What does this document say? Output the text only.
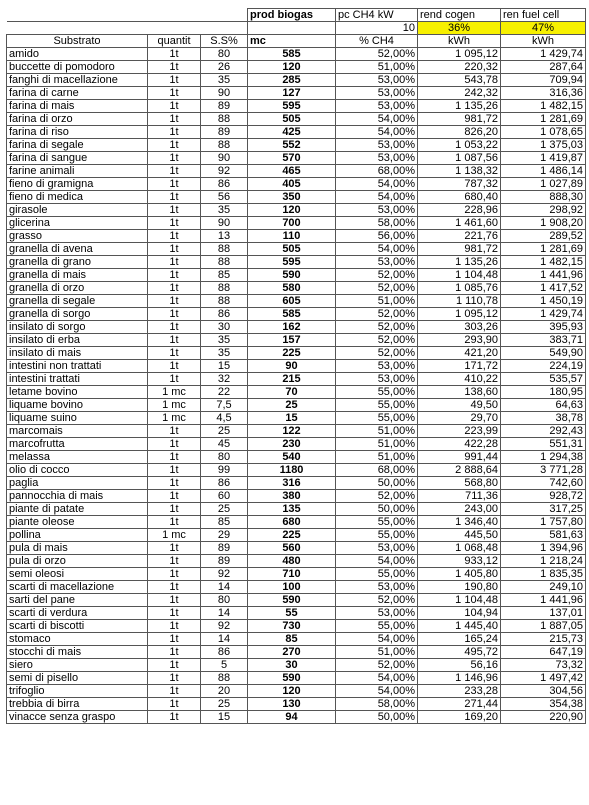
			prod biogas	pc CH4 kW	rend cogen	ren fuel cell
				10	36%	47%
Substrato	quantit	S.S%	mc	% CH4	kWh	kWh
amido	1t	80	585	52,00%	1 095,12	1 429,74
buccette di pomodoro	1t	26	120	51,00%	220,32	287,64
fanghi di macellazione	1t	35	285	53,00%	543,78	709,94
farina di carne	1t	90	127	53,00%	242,32	316,36
farina di mais	1t	89	595	53,00%	1 135,26	1 482,15
farina di orzo	1t	88	505	54,00%	981,72	1 281,69
farina di riso	1t	89	425	54,00%	826,20	1 078,65
farina di segale	1t	88	552	53,00%	1 053,22	1 375,03
farina di sangue	1t	90	570	53,00%	1 087,56	1 419,87
farine animali	1t	92	465	68,00%	1 138,32	1 486,14
fieno di gramigna	1t	86	405	54,00%	787,32	1 027,89
fieno di medica	1t	56	350	54,00%	680,40	888,30
girasole	1t	35	120	53,00%	228,96	298,92
glicerina	1t	90	700	58,00%	1 461,60	1 908,20
grasso	1t	13	110	56,00%	221,76	289,52
granella di avena	1t	88	505	54,00%	981,72	1 281,69
granella di grano	1t	88	595	53,00%	1 135,26	1 482,15
granella di mais	1t	85	590	52,00%	1 104,48	1 441,96
granella di orzo	1t	88	580	52,00%	1 085,76	1 417,52
granella di segale	1t	88	605	51,00%	1 110,78	1 450,19
granella di sorgo	1t	86	585	52,00%	1 095,12	1 429,74
insilato di sorgo	1t	30	162	52,00%	303,26	395,93
insilato di erba	1t	35	157	52,00%	293,90	383,71
insilato di mais	1t	35	225	52,00%	421,20	549,90
intestini non trattati	1t	15	90	53,00%	171,72	224,19
intestini trattati	1t	32	215	53,00%	410,22	535,57
letame bovino	1 mc	22	70	55,00%	138,60	180,95
liquame bovino	1 mc	7,5	25	55,00%	49,50	64,63
liquame suino	1 mc	4,5	15	55,00%	29,70	38,78
marcomais	1t	25	122	51,00%	223,99	292,43
marcofrutta	1t	45	230	51,00%	422,28	551,31
melassa	1t	80	540	51,00%	991,44	1 294,38
olio di cocco	1t	99	1180	68,00%	2 888,64	3 771,28
paglia	1t	86	316	50,00%	568,80	742,60
pannocchia di mais	1t	60	380	52,00%	711,36	928,72
piante di patate	1t	25	135	50,00%	243,00	317,25
piante oleose	1t	85	680	55,00%	1 346,40	1 757,80
pollina	1 mc	29	225	55,00%	445,50	581,63
pula di mais	1t	89	560	53,00%	1 068,48	1 394,96
pula di orzo	1t	89	480	54,00%	933,12	1 218,24
semi oleosi	1t	92	710	55,00%	1 405,80	1 835,35
scarti di macellazione	1t	14	100	53,00%	190,80	249,10
sarti del pane	1t	80	590	52,00%	1 104,48	1 441,96
scarti di verdura	1t	14	55	53,00%	104,94	137,01
scarti di biscotti	1t	92	730	55,00%	1 445,40	1 887,05
stomaco	1t	14	85	54,00%	165,24	215,73
stocchi di mais	1t	86	270	51,00%	495,72	647,19
siero	1t	5	30	52,00%	56,16	73,32
semi di pisello	1t	88	590	54,00%	1 146,96	1 497,42
trifoglio	1t	20	120	54,00%	233,28	304,56
trebbia di birra	1t	25	130	58,00%	271,44	354,38
vinacce senza graspo	1t	15	94	50,00%	169,20	220,90
